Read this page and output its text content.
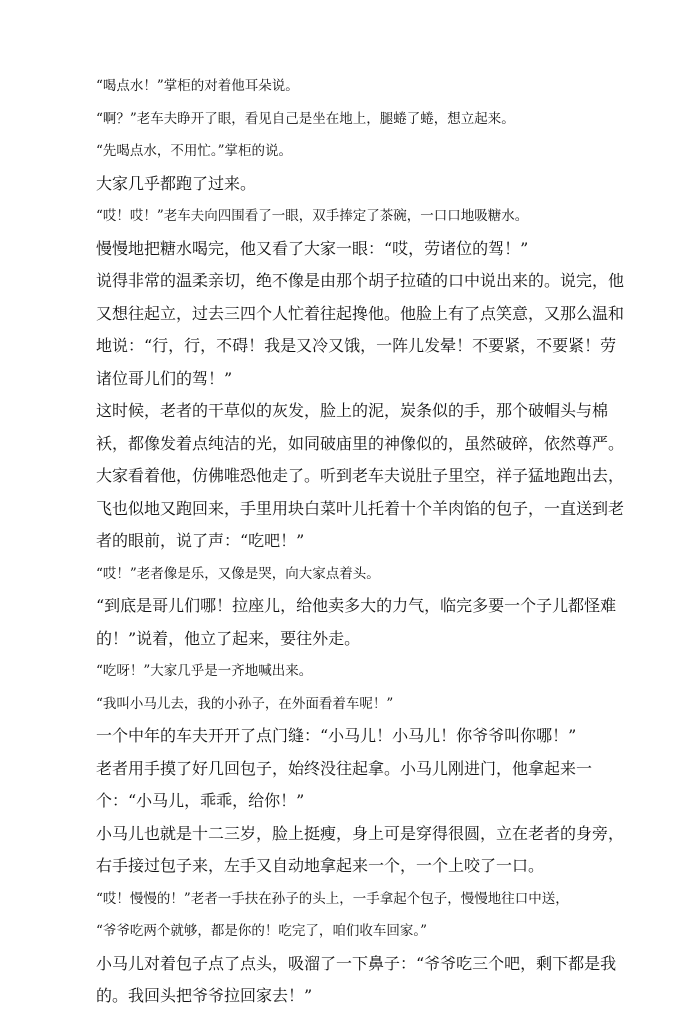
“喝点水！”掌柜的对着他耳朵说。

“啊？”老车夫睁开了眼，看见自己是坐在地上，腿蜷了蜷，想立起来。

“先喝点水，不用忙。”掌柜的说。

大家几乎都跑了过来。

“哎！哎！”老车夫向四围看了一眼，双手捧定了茶碗，一口口地吸糖水。

慢慢地把糖水喝完，他又看了大家一眼：“哎，劳诸位的驾！”

说得非常的温柔亲切，绝不像是由那个胡子拉碴的口中说出来的。说完，他又想往起立，过去三四个人忙着往起搀他。他脸上有了点笑意，又那么温和地说：“行，行，不碍！我是又冷又饿，一阵儿发晕！不要紧，不要紧！劳诸位哥儿们的驾！”

这时候，老者的干草似的灰发，脸上的泥，炭条似的手，那个破帽头与棉袄，都像发着点纯洁的光，如同破庙里的神像似的，虽然破碎，依然尊严。大家看着他，仿佛唯恐他走了。听到老车夫说肚子里空，祥子猛地跑出去，飞也似地又跑回来，手里用块白菜叶儿托着十个羊肉馅的包子，一直送到老者的眼前，说了声：“吃吧！”

“哎！”老者像是乐，又像是哭，向大家点着头。

“到底是哥儿们哪！拉座儿，给他卖多大的力气，临完多要一个子儿都怪难的！”说着，他立了起来，要往外走。

“吃呀！”大家几乎是一齐地喊出来。

“我叫小马儿去，我的小孙子，在外面看着车呢！”

一个中年的车夫开开了点门缝：“小马儿！小马儿！你爷爷叫你哪！”

老者用手摸了好几回包子，始终没往起拿。小马儿刚进门，他拿起来一个：“小马儿，乖乖，给你！”

小马儿也就是十二三岁，脸上挺瘦，身上可是穿得很圆，立在老者的身旁，右手接过包子来，左手又自动地拿起来一个，一个上咬了一口。

“哎！慢慢的！”老者一手扶在孙子的头上，一手拿起个包子，慢慢地往口中送，

“爷爷吃两个就够，都是你的！吃完了，咱们收车回家。”

小马儿对着包子点了点头，吸溜了一下鼻子：“爷爷吃三个吧，剩下都是我的。我回头把爷爷拉回家去！”
